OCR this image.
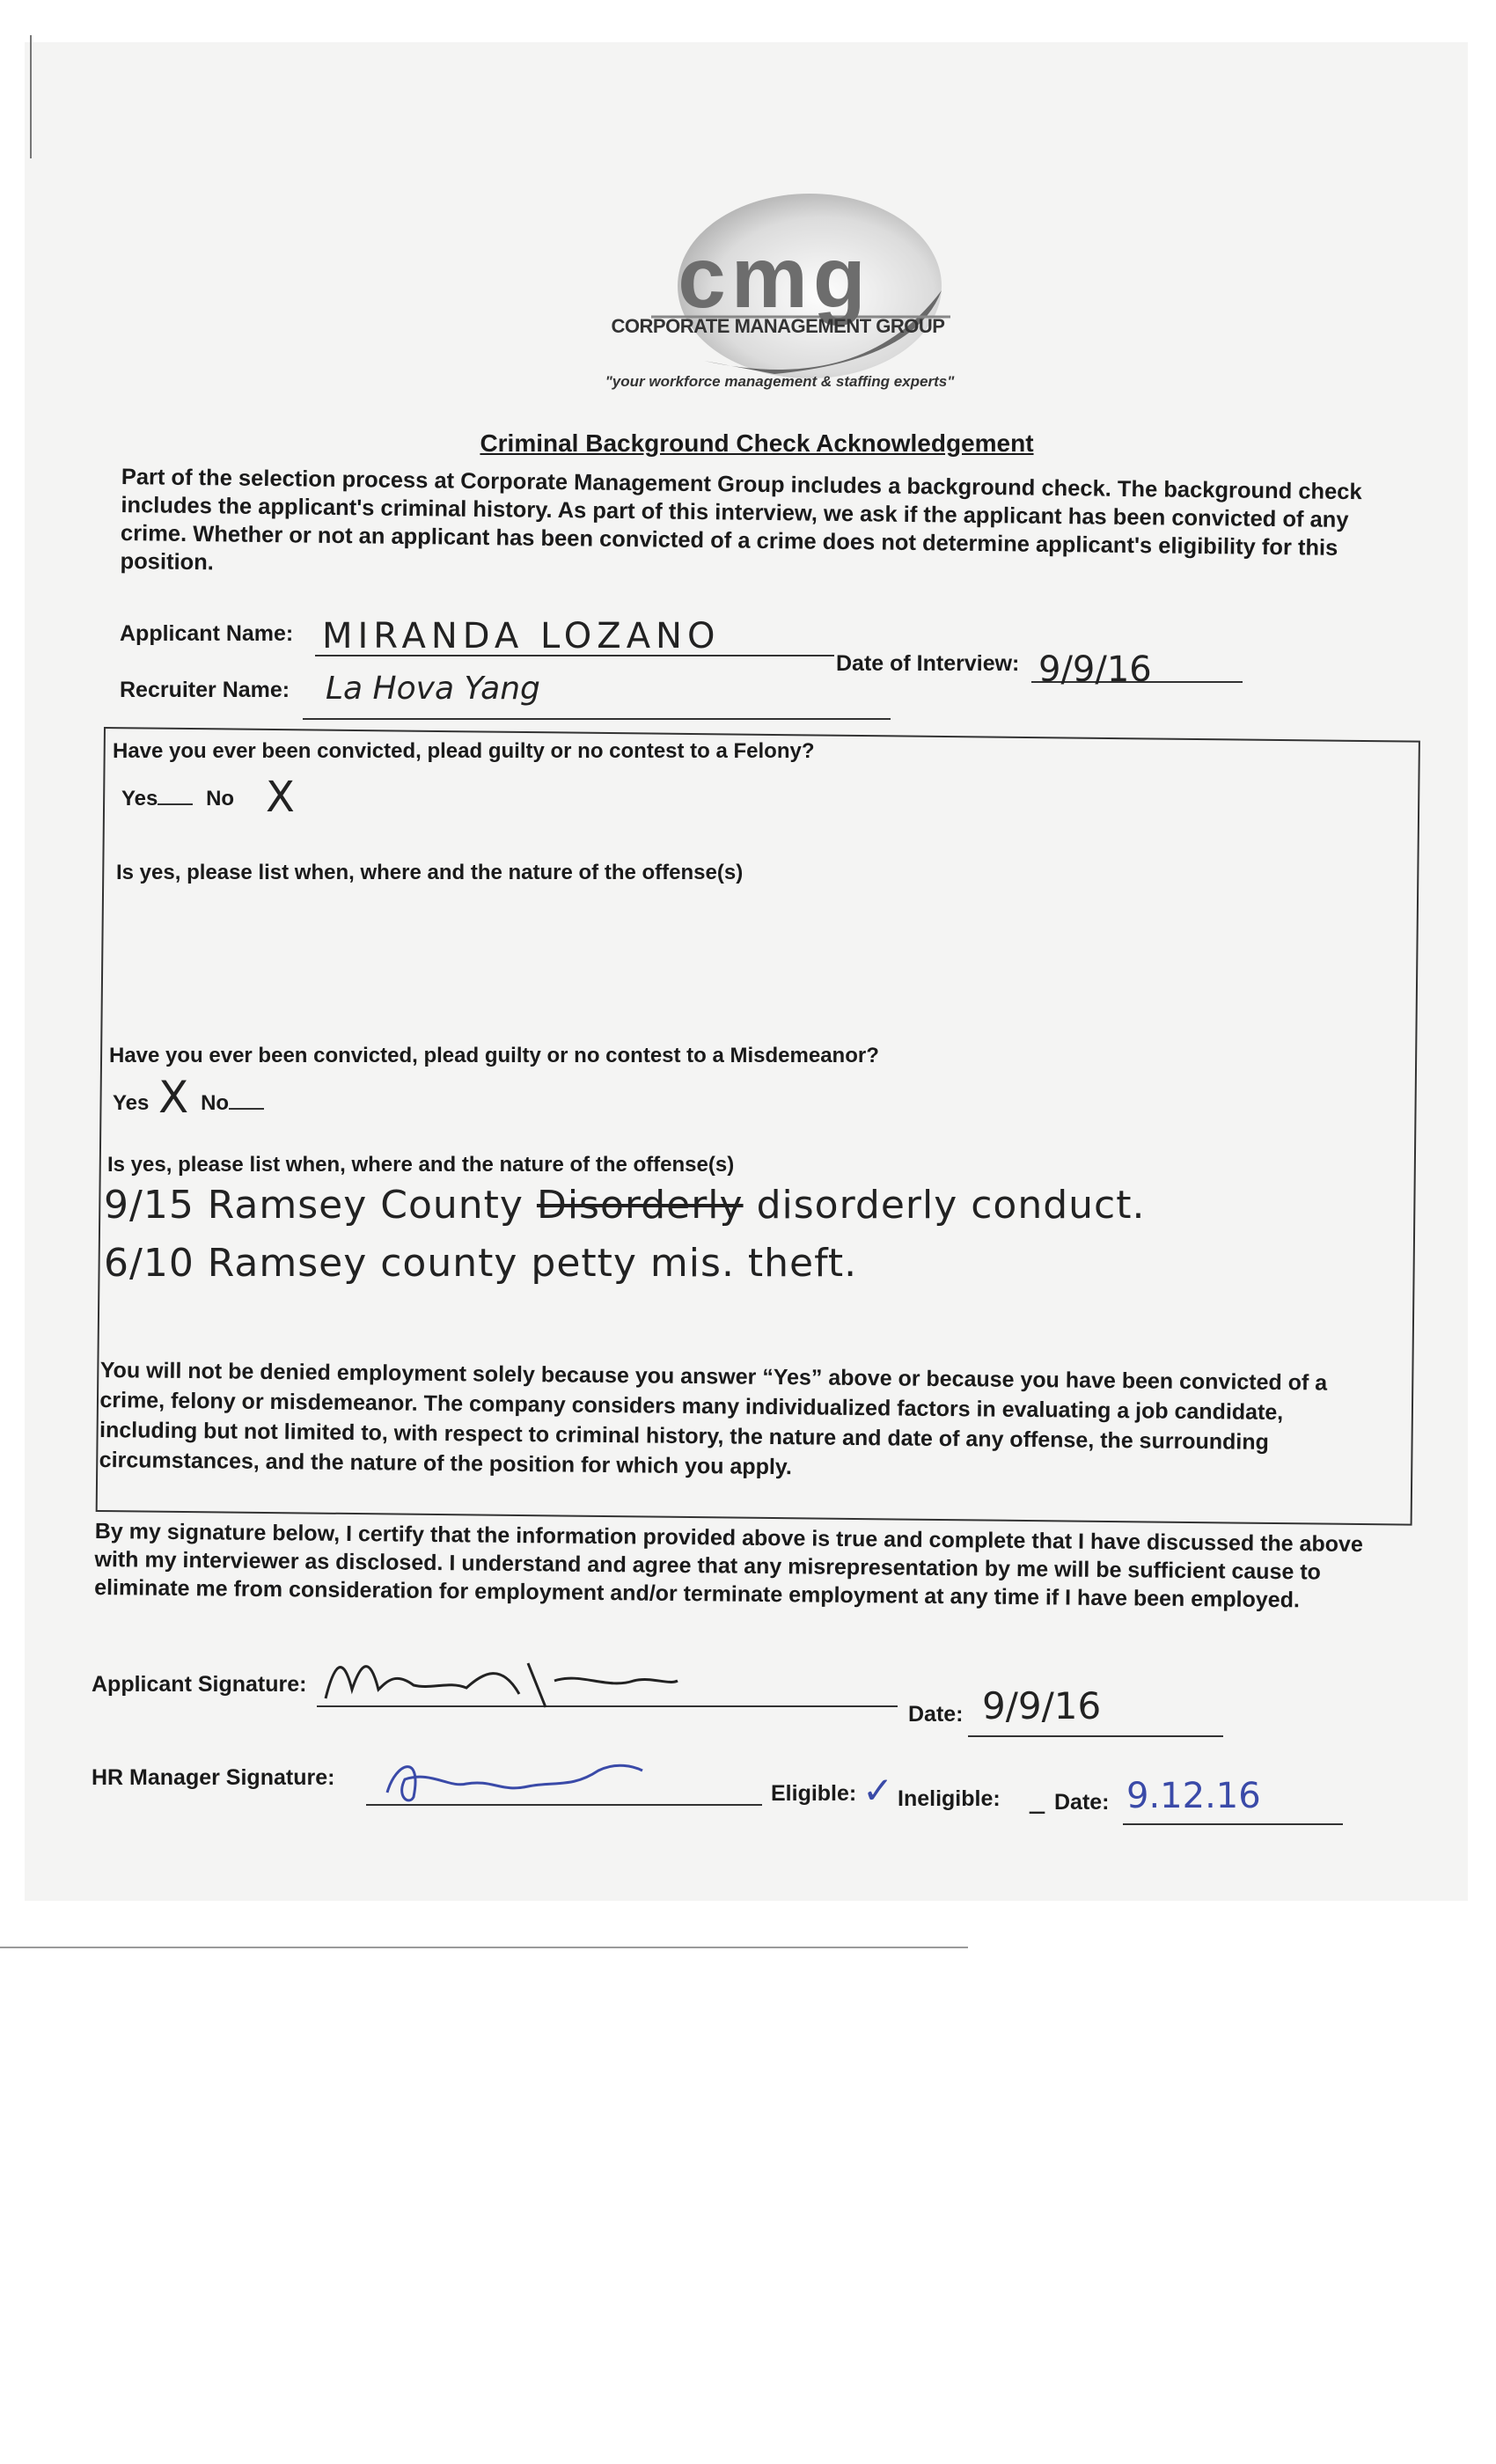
cmg
CORPORATE MANAGEMENT GROUP
"your workforce management & staffing experts"
Criminal Background Check Acknowledgement
Part of the selection process at Corporate Management Group includes a background check. The background check includes the applicant's criminal history. As part of this interview, we ask if the applicant has been convicted of any crime. Whether or not an applicant has been convicted of a crime does not determine applicant's eligibility for this position.
Applicant Name: MIRANDA LOZANO
Date of Interview: 9/9/16
Recruiter Name: La Hova Yang
Have you ever been convicted, plead guilty or no contest to a Felony?
Yes No X
Is yes, please list when, where and the nature of the offense(s)
Have you ever been convicted, plead guilty or no contest to a Misdemeanor?
Yes No
X
Is yes, please list when, where and the nature of the offense(s)
9/15 Ramsey County Disorderly disorderly conduct.
6/10 Ramsey county petty mis. theft.
You will not be denied employment solely because you answer “Yes” above or because you have been convicted of a crime, felony or misdemeanor. The company considers many individualized factors in evaluating a job candidate, including but not limited to, with respect to criminal history, the nature and date of any offense, the surrounding circumstances, and the nature of the position for which you apply.
By my signature below, I certify that the information provided above is true and complete that I have discussed the above with my interviewer as disclosed. I understand and agree that any misrepresentation by me will be sufficient cause to eliminate me from consideration for employment and/or terminate employment at any time if I have been employed.
Applicant Signature:
Date: 9/9/16
HR Manager Signature:
Eligible: ✓ Ineligible: _ Date: 9.12.16
